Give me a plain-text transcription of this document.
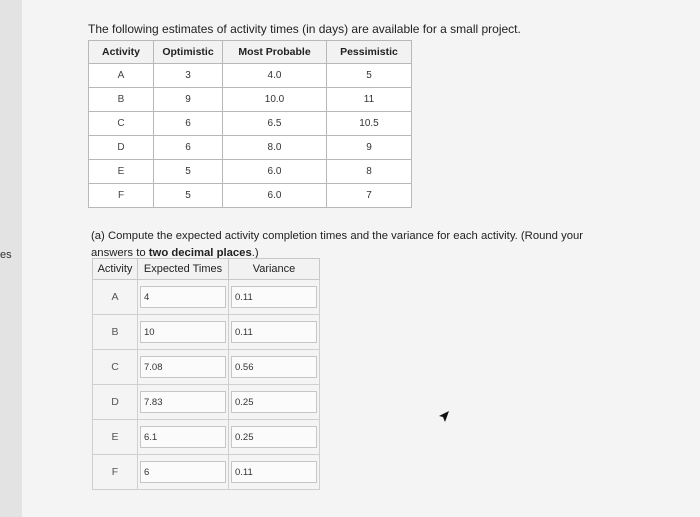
es
The following estimates of activity times (in days) are available for a small project.
Activity	Optimistic	Most Probable	Pessimistic
A	3	4.0	5
B	9	10.0	11
C	6	6.5	10.5
D	6	8.0	9
E	5	6.0	8
F	5	6.0	7
(a) Compute the expected activity completion times and the variance for each activity. (Round your answers to two decimal places.)
Activity	Expected Times	Variance
A	4	0.11

B	10	0.11

C	7.08	0.56

D	7.83	0.25

E	6.1	0.25

F	6	0.11
